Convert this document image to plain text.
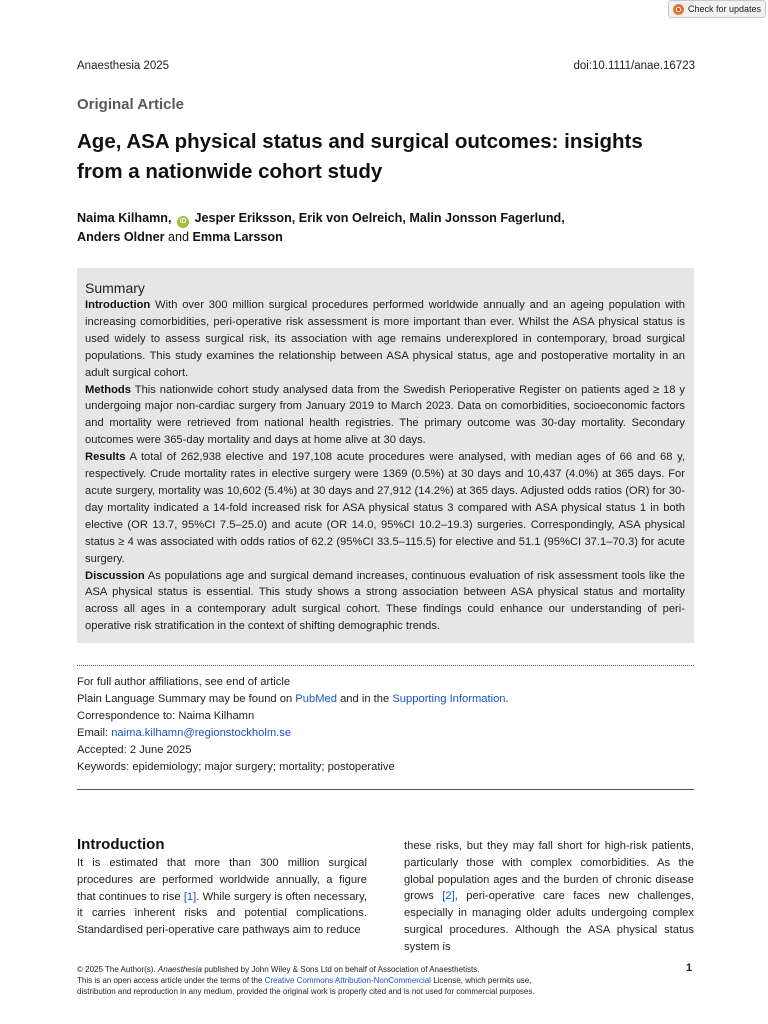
Check for updates
Anaesthesia 2025	doi:10.1111/anae.16723
Original Article
Age, ASA physical status and surgical outcomes: insights from a nationwide cohort study
Naima Kilhamn, iD Jesper Eriksson, Erik von Oelreich, Malin Jonsson Fagerlund,
Anders Oldner and Emma Larsson
Summary

Introduction With over 300 million surgical procedures performed worldwide annually and an ageing population with increasing comorbidities, peri-operative risk assessment is more important than ever. Whilst the ASA physical status is used widely to assess surgical risk, its association with age remains underexplored in contemporary, broad surgical populations. This study examines the relationship between ASA physical status, age and postoperative mortality in an adult surgical cohort.

Methods This nationwide cohort study analysed data from the Swedish Perioperative Register on patients aged ≥ 18 y undergoing major non-cardiac surgery from January 2019 to March 2023. Data on comorbidities, socioeconomic factors and mortality were retrieved from national health registries. The primary outcome was 30-day mortality. Secondary outcomes were 365-day mortality and days at home alive at 30 days.

Results A total of 262,938 elective and 197,108 acute procedures were analysed, with median ages of 66 and 68 y, respectively. Crude mortality rates in elective surgery were 1369 (0.5%) at 30 days and 10,437 (4.0%) at 365 days. For acute surgery, mortality was 10,602 (5.4%) at 30 days and 27,912 (14.2%) at 365 days. Adjusted odds ratios (OR) for 30-day mortality indicated a 14-fold increased risk for ASA physical status 3 compared with ASA physical status 1 in both elective (OR 13.7, 95%CI 7.5–25.0) and acute (OR 14.0, 95%CI 10.2–19.3) surgeries. Correspondingly, ASA physical status ≥ 4 was associated with odds ratios of 62.2 (95%CI 33.5–115.5) for elective and 51.1 (95%CI 37.1–70.3) for acute surgery.

Discussion As populations age and surgical demand increases, continuous evaluation of risk assessment tools like the ASA physical status is essential. This study shows a strong association between ASA physical status and mortality across all ages in a contemporary adult surgical cohort. These findings could enhance our understanding of peri-operative risk stratification in the context of shifting demographic trends.

For full author affiliations, see end of article
Plain Language Summary may be found on PubMed and in the Supporting Information.
Correspondence to: Naima Kilhamn
Email: naima.kilhamn@regionstockholm.se
Accepted: 2 June 2025
Keywords: epidemiology; major surgery; mortality; postoperative
Introduction
It is estimated that more than 300 million surgical procedures are performed worldwide annually, a figure that continues to rise [1]. While surgery is often necessary, it carries inherent risks and potential complications. Standardised peri-operative care pathways aim to reduce
these risks, but they may fall short for high-risk patients, particularly those with complex comorbidities. As the global population ages and the burden of chronic disease grows [2], peri-operative care faces new challenges, especially in managing older adults undergoing complex surgical procedures. Although the ASA physical status system is
© 2025 The Author(s). Anaesthesia published by John Wiley & Sons Ltd on behalf of Association of Anaesthetists.
This is an open access article under the terms of the Creative Commons Attribution-NonCommercial License, which permits use,
distribution and reproduction in any medium, provided the original work is properly cited and is not used for commercial purposes.
1
